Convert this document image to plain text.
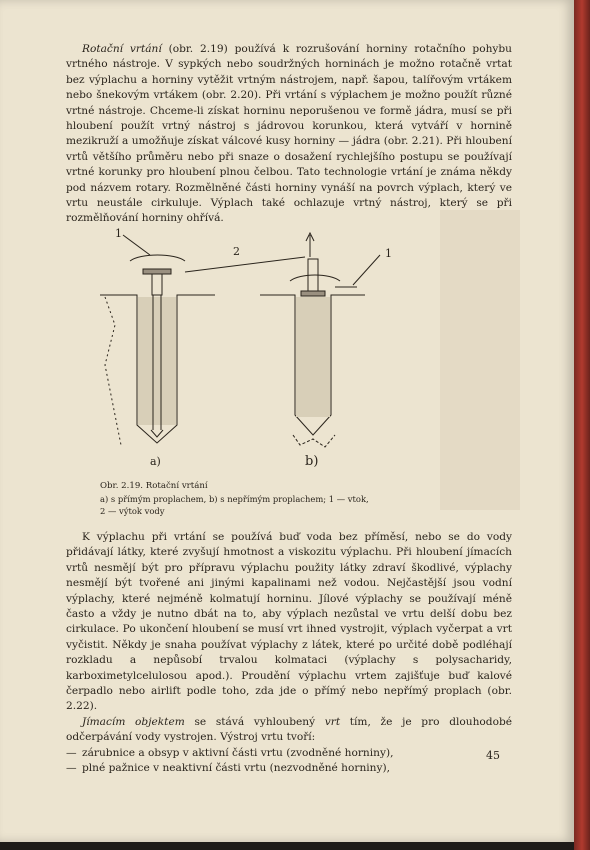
Rotační vrtání (obr. 2.19) používá k rozrušování horniny rotačního pohybu vrtného nástroje. V sypkých nebo soudržných horninách je možno rotačně vrtat bez výplachu a horniny vytěžit vrtným nástrojem, např. šapou, talířovým vrtákem nebo šnekovým vrtákem (obr. 2.20). Při vrtání s výplachem je možno použít různé vrtné nástroje. Chceme-li získat horninu neporušenou ve formě jádra, musí se při hloubení použít vrtný nástroj s jádrovou korunkou, která vytváří v hornině mezikruží a umožňuje získat válcové kusy horniny — jádra (obr. 2.21). Při hloubení vrtů většího průměru nebo při snaze o dosažení rychlejšího postupu se používají vrtné korunky pro hloubení plnou čelbou. Tato technologie vrtání je známa někdy pod názvem rotary. Rozmělněné části horniny vynáší na povrch výplach, který ve vrtu neustále cirkuluje. Výplach také ochlazuje vrtný nástroj, který se při rozmělňování horniny ohřívá.

1
2	1
a)	b)
Obr. 2.19. Rotační vrtání
a) s přímým proplachem, b) s nepřímým proplachem; 1 — vtok,
2 — výtok vody

K výplachu při vrtání se používá buď voda bez příměsí, nebo se do vody přidávají látky, které zvyšují hmotnost a viskozitu výplachu. Při hloubení jímacích vrtů nesmějí být pro přípravu výplachu použity látky zdraví škodlivé, výplachy nesmějí být tvořené ani jinými kapalinami než vodou. Nejčastější jsou vodní výplachy, které nejméně kolmatují horninu. Jílové výplachy se používají méně často a vždy je nutno dbát na to, aby výplach nezůstal ve vrtu delší dobu bez cirkulace. Po ukončení hloubení se musí vrt ihned vystrojit, výplach vyčerpat a vrt vyčistit. Někdy je snaha používat výplachy z látek, které po určité době podléhají rozkladu a nepůsobí trvalou kolmataci (výplachy s polysacharidy, karboximetylcelulosou apod.). Proudění výplachu vrtem zajišťuje buď kalové čerpadlo nebo airlift podle toho, zda jde o přímý nebo nepřímý proplach (obr. 2.22).

Jímacím objektem se stává vyhloubený vrt tím, že je pro dlouhodobé odčerpávání vody vystrojen. Výstroj vrtu tvoří:

— zárubnice a obsyp v aktivní části vrtu (zvodněné horniny),
— plné pažnice v neaktivní části vrtu (nezvodněné horniny),
45
